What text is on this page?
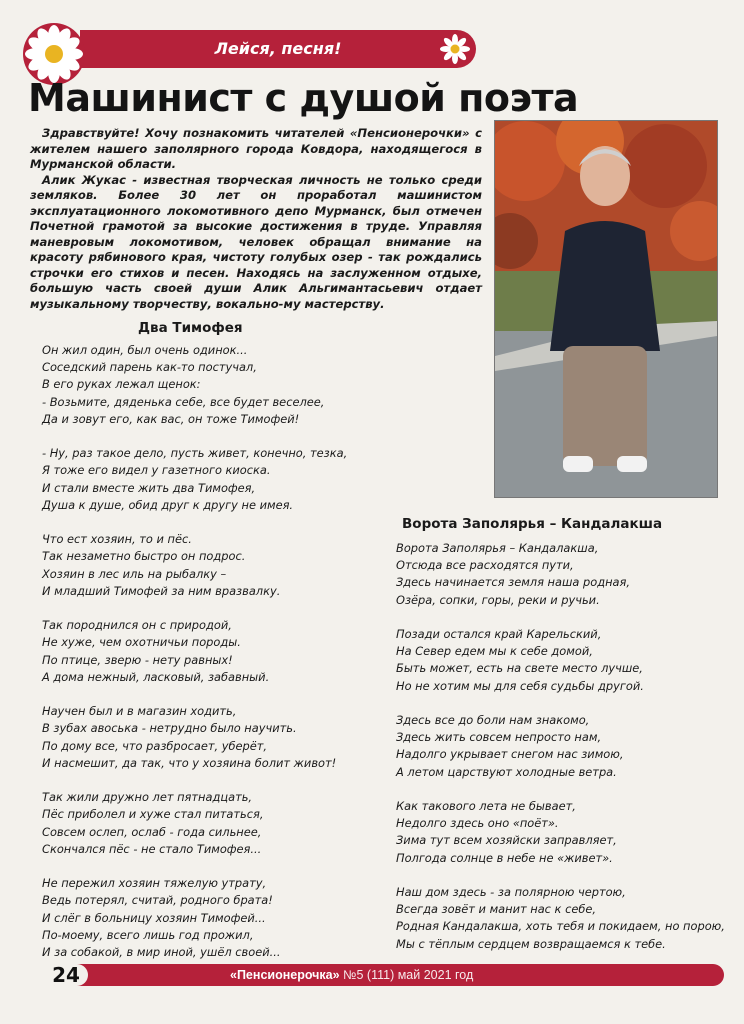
Лейся, песня!
Машинист с душой поэта

Здравствуйте! Хочу познакомить читателей «Пенсионерочки» с жителем нашего заполярного города Ковдора, находящегося в Мурманской области.

Алик Жукас - известная творческая личность не только среди земляков. Более 30 лет он проработал машинистом эксплуатационного локомотивного депо Мурманск, был отмечен Почетной грамотой за высокие достижения в труде. Управляя маневровым локомотивом, человек обращал внимание на красоту рябинового края, чистоту голубых озер - так рождались строчки его стихов и песен. Находясь на заслуженном отдыхе, большую часть своей души Алик Альгимантасьевич отдает музыкальному творчеству, вокально-му мастерству.

Два Тимофея
Он жил один, был очень одинок...
Соседский парень как-то постучал,
В его руках лежал щенок:
- Возьмите, дяденька себе, все будет веселее,
Да и зовут его, как вас, он тоже Тимофей!
- Ну, раз такое дело, пусть живет, конечно, тезка,
Я тоже его видел у газетного киоска.
И стали вместе жить два Тимофея,
Душа к душе, обид друг к другу не имея.
Что ест хозяин, то и пёс.
Так незаметно быстро он подрос.
Хозяин в лес иль на рыбалку –
И младший Тимофей за ним вразвалку.
Так породнился он с природой,
Не хуже, чем охотничьи породы.
По птице, зверю - нету равных!
А дома нежный, ласковый, забавный.
Научен был и в магазин ходить,
В зубах авоська - нетрудно было научить.
По дому все, что разбросает, уберёт,
И насмешит, да так, что у хозяина болит живот!
Так жили дружно лет пятнадцать,
Пёс приболел и хуже стал питаться,
Совсем ослеп, ослаб - года сильнее,
Скончался пёс - не стало Тимофея...
Не пережил хозяин тяжелую утрату,
Ведь потерял, считай, родного брата!
И слёг в больницу хозяин Тимофей...
По-моему, всего лишь год прожил,
И за собакой, в мир иной, ушёл своей...
Ворота Заполярья – Кандалакша
Ворота Заполярья – Кандалакша,
Отсюда все расходятся пути,
Здесь начинается земля наша родная,
Озёра, сопки, горы, реки и ручьи.
Позади остался край Карельский,
На Север едем мы к себе домой,
Быть может, есть на свете место лучше,
Но не хотим мы для себя судьбы другой.
Здесь все до боли нам знакомо,
Здесь жить совсем непросто нам,
Надолго укрывает снегом нас зимою,
А летом царствуют холодные ветра.
Как такового лета не бывает,
Недолго здесь оно «поёт».
Зима тут всем хозяйски заправляет,
Полгода солнце в небе не «живет».
Наш дом здесь - за полярною чертою,
Всегда зовёт и манит нас к себе,
Родная Кандалакша, хоть тебя и покидаем, но порою,
Мы с тёплым сердцем возвращаемся к тебе.
24	«Пенсионерочка» №5 (111) май 2021 год
